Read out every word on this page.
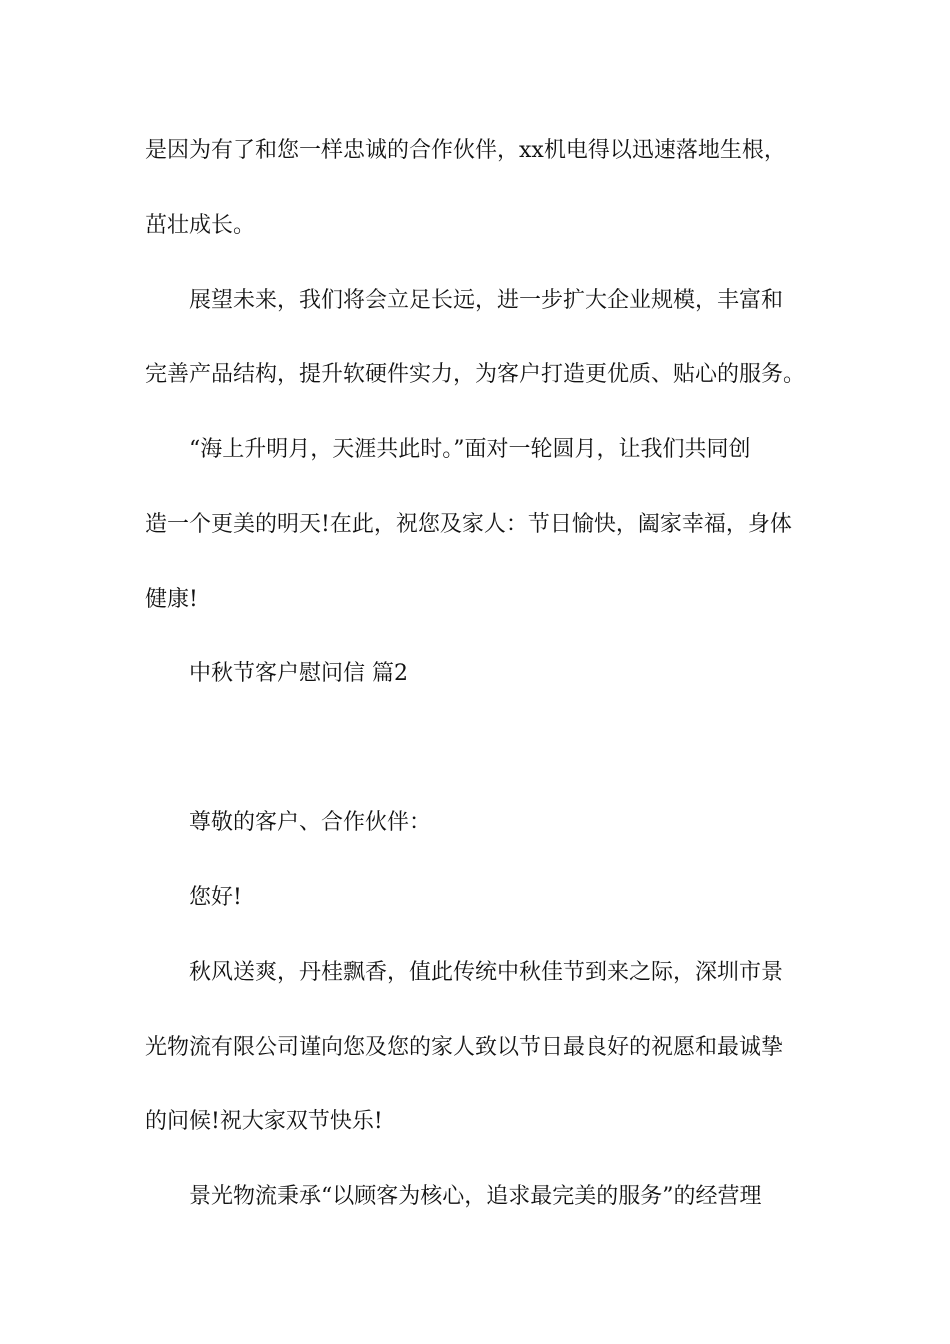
是因为有了和您一样忠诚的合作伙伴，xx机电得以迅速落地生根，

茁壮成长。

展望未来，我们将会立足长远，进一步扩大企业规模，丰富和

完善产品结构，提升软硬件实力，为客户打造更优质、贴心的服务。

“海上升明月，天涯共此时。”面对一轮圆月，让我们共同创

造一个更美的明天!在此，祝您及家人：节日愉快，阖家幸福，身体

健康!

中秋节客户慰问信 篇2

尊敬的客户、合作伙伴：

您好!

秋风送爽，丹桂飘香，值此传统中秋佳节到来之际，深圳市景

光物流有限公司谨向您及您的家人致以节日最良好的祝愿和最诚挚

的问候!祝大家双节快乐!

景光物流秉承“以顾客为核心，追求最完美的服务”的经营理
